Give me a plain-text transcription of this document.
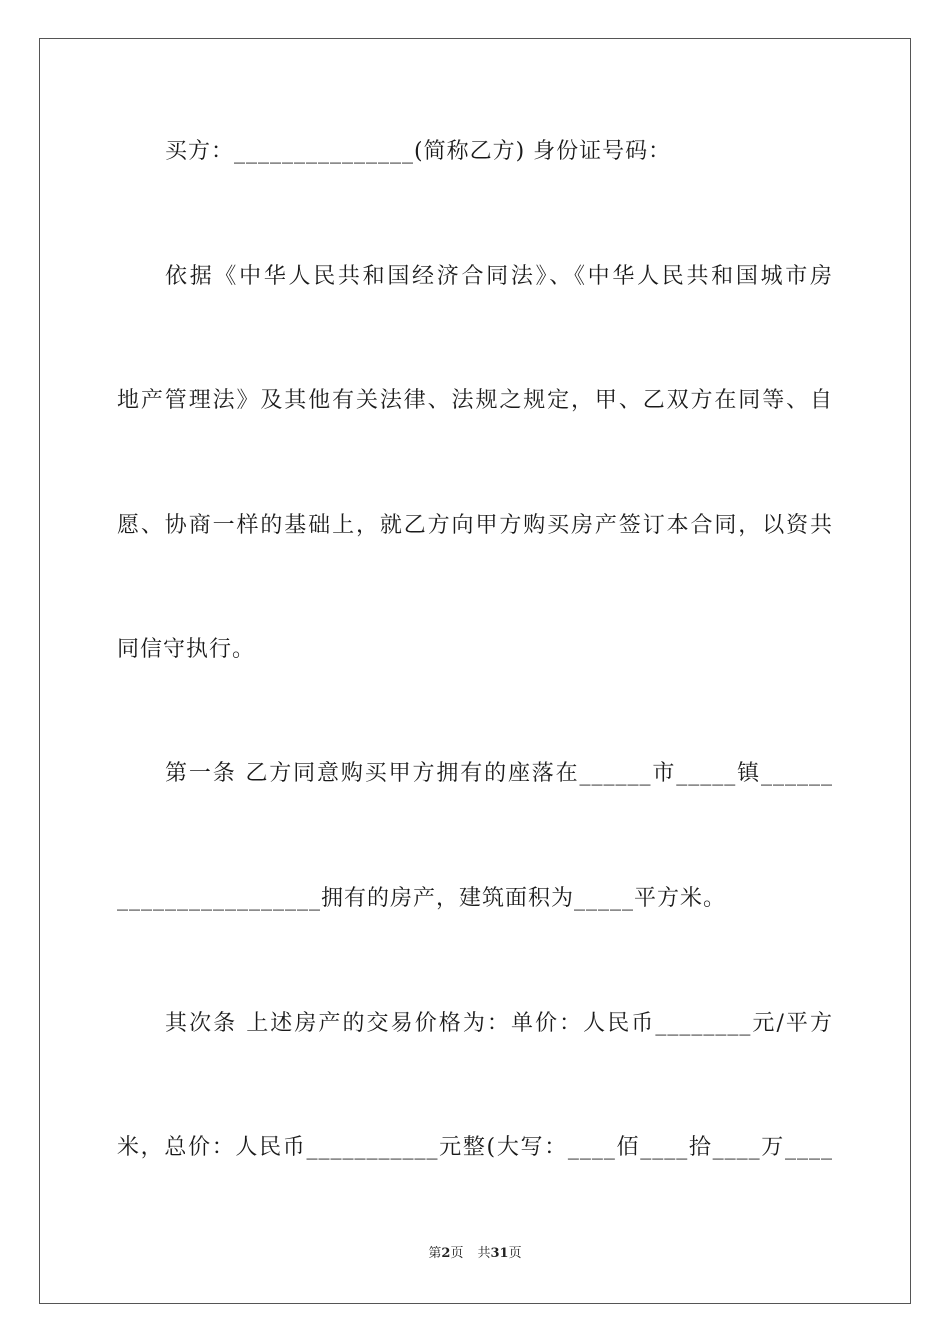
买方：_______________(简称乙方) 身份证号码：
依据《中华人民共和国经济合同法》、《中华人民共和国城市房
地产管理法》及其他有关法律、法规之规定，甲、乙双方在同等、自
愿、协商一样的基础上，就乙方向甲方购买房产签订本合同，以资共
同信守执行。
第一条 乙方同意购买甲方拥有的座落在______市_____镇______
_________________拥有的房产，建筑面积为_____平方米。
其次条 上述房产的交易价格为：单价：人民币________元/平方
米，总价：人民币___________元整(大写：____佰____拾____万____
第2页 共31页
